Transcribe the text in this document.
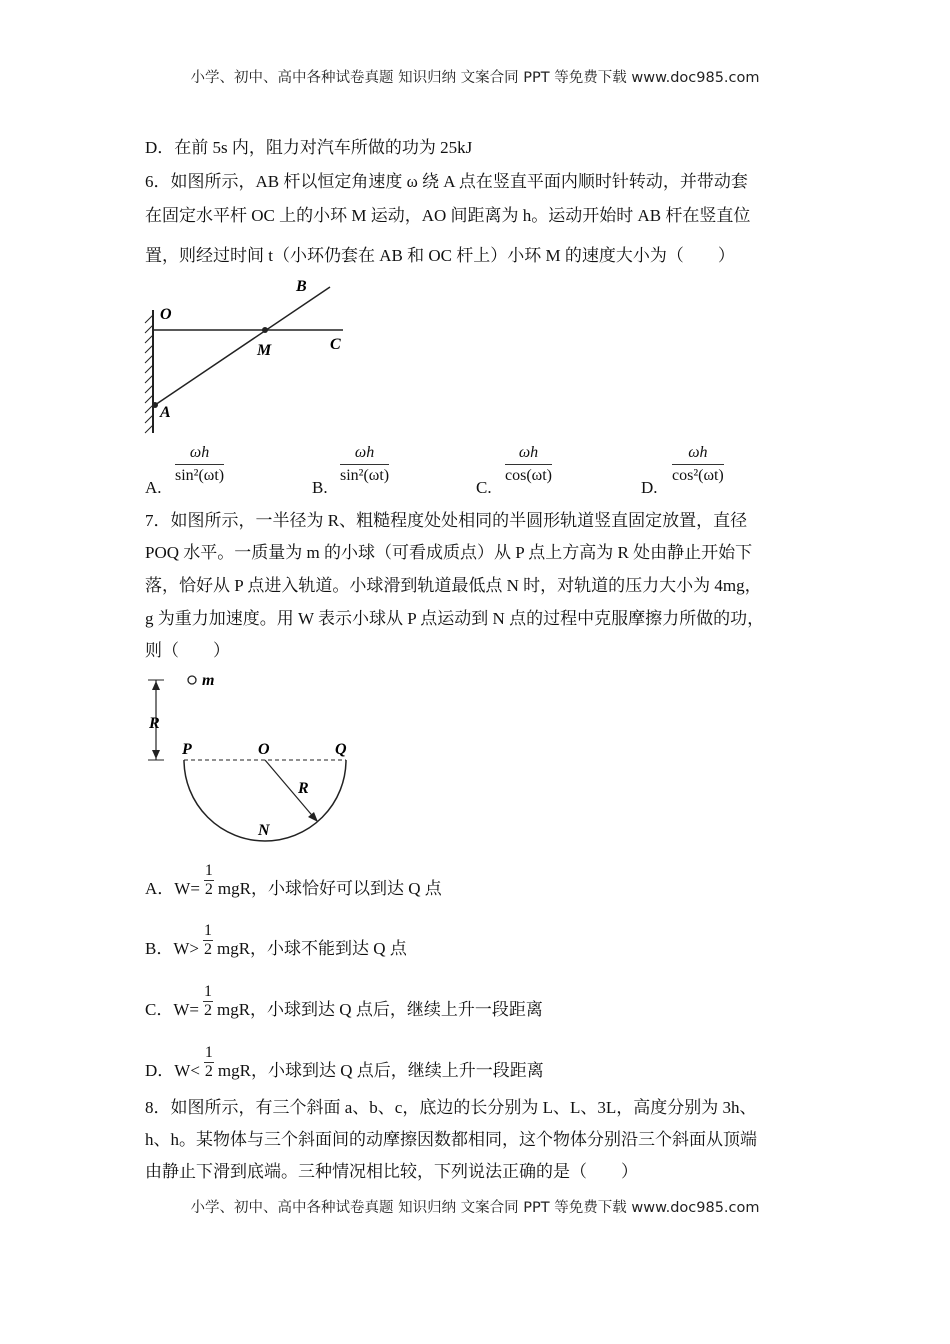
小学、初中、高中各种试卷真题 知识归纳 文案合同 PPT 等免费下载 www.doc985.com
D．在前 5s 内，阻力对汽车所做的功为 25kJ
6．如图所示，AB 杆以恒定角速度 ω 绕 A 点在竖直平面内顺时针转动，并带动套
在固定水平杆 OC 上的小环 M 运动，AO 间距离为 h。运动开始时 AB 杆在竖直位
置，则经过时间 t（小环仍套在 AB 和 OC 杆上）小环 M 的速度大小为（　　）
O
B
M	C
A
A.
$\frac{\omega h}{\text{sin²(ωt)}}$
B.
$\frac{\omega h}{\text{sin²(ωt)}}$
C.
$\frac{\omega h}{\cos(\omega t)}$
D.
$\frac{\omega h}{\text{cos²(ωt)}}$
7．如图所示，一半径为 R、粗糙程度处处相同的半圆形轨道竖直固定放置，直径
POQ 水平。一质量为 m 的小球（可看成质点）从 P 点上方高为 R 处由静止开始下
落，恰好从 P 点进入轨道。小球滑到轨道最低点 N 时，对轨道的压力大小为 4mg，
g 为重力加速度。用 W 表示小球从 P 点运动到 N 点的过程中克服摩擦力所做的功，
则（　　）
m
R
P	O	Q
R
N
A．$W= \frac{1}{2}$ mgR，小球恰好可以到达 Q 点
B．$W> \frac{1}{2}$ mgR，小球不能到达 Q 点
C．$W= \frac{1}{2}$ mgR，小球到达 Q 点后，继续上升一段距离
D．$W< \frac{1}{2}$ mgR，小球到达 Q 点后，继续上升一段距离
8．如图所示，有三个斜面 a、b、c，底边的长分别为 L、L、3L，高度分别为 3h、
h、h。某物体与三个斜面间的动摩擦因数都相同，这个物体分别沿三个斜面从顶端
由静止下滑到底端。三种情况相比较，下列说法正确的是（　　）
小学、初中、高中各种试卷真题 知识归纳 文案合同 PPT 等免费下载 www.doc985.com
